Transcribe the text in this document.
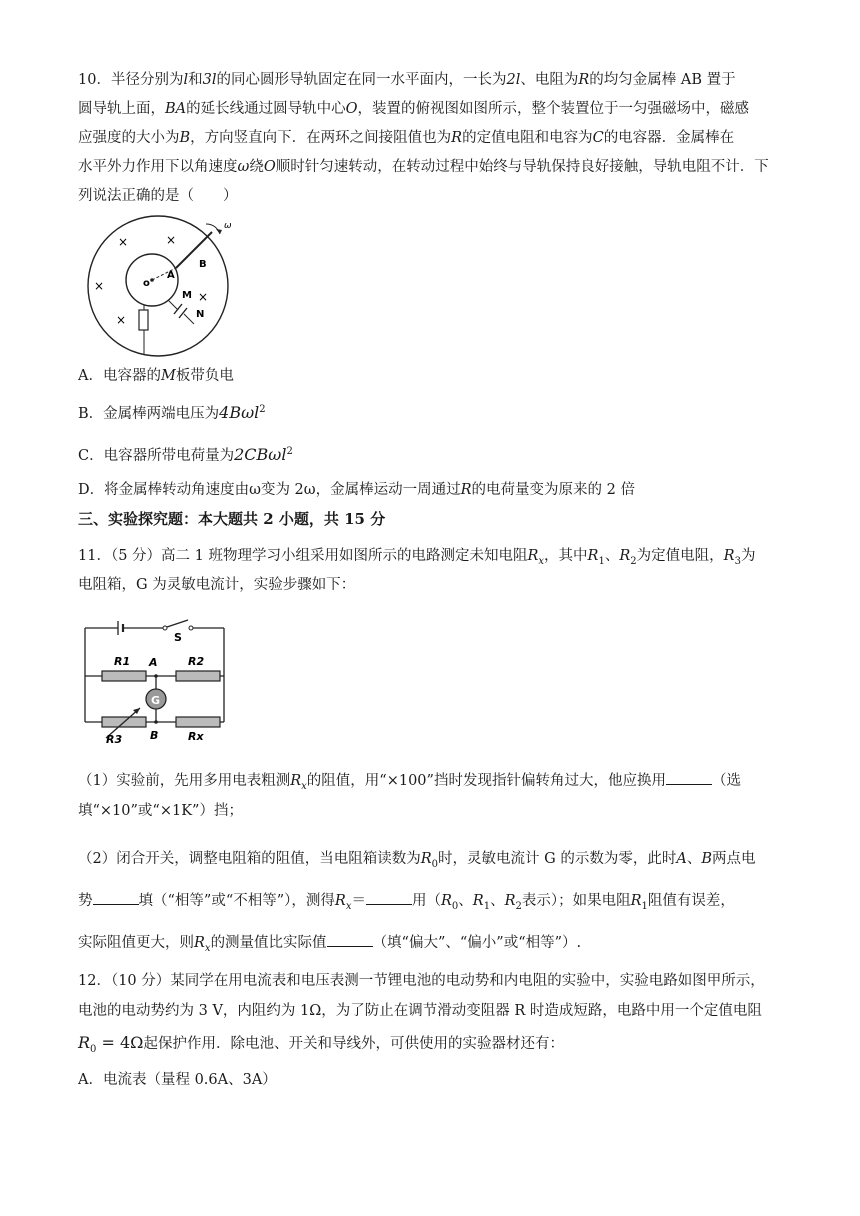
10．半径分别为l和3l的同心圆形导轨固定在同一水平面内，一长为2l、电阻为R的均匀金属棒 AB 置于
圆导轨上面，BA的延长线通过圆导轨中心O，装置的俯视图如图所示，整个装置位于一匀强磁场中，磁感
应强度的大小为B，方向竖直向下．在两环之间接阻值也为R的定值电阻和电容为C的电容器．金属棒在
水平外力作用下以角速度ω绕O顺时针匀速转动，在转动过程中始终与导轨保持良好接触，导轨电阻不计．下
列说法正确的是（　　）

ω
o
A
B
M
N
×	×
×
×
×

A．电容器的M板带负电

B．金属棒两端电压为4Bωl$^2$

C．电容器所带电荷量为2CBωl$^2$

D．将金属棒转动角速度由ω变为 2ω，金属棒运动一周通过R的电荷量变为原来的 2 倍

三、实验探究题：本大题共 2 小题，共 15 分

11．（5 分）高二 1 班物理学习小组采用如图所示的电路测定未知电阻$R_x$，其中$R_1$、$R_2$为定值电阻，$R_3$为
电阻箱，G 为灵敏电流计，实验步骤如下：

S
R1 A	R2
G
R3	B	Rx

（1）实验前，先用多用电表粗测$R_x$的阻值，用“×100”挡时发现指针偏转角过大，他应换用	（选
填“×10”或“×1K”）挡；

（2）闭合开关，调整电阻箱的阻值，当电阻箱读数为$R_0$时，灵敏电流计 G 的示数为零，此时A、B两点电
势	填（“相等”或“不相等”），测得$R_x=$	用（$R_0$、$R_1$、$R_2$表示）；如果电阻$R_1$阻值有误差，
实际阻值更大，则$R_x$的测量值比实际值	（填“偏大”、“偏小”或“相等”）.

12．（10 分）某同学在用电流表和电压表测一节锂电池的电动势和内电阻的实验中，实验电路如图甲所示，
电池的电动势约为 3 V，内阻约为 1Ω，为了防止在调节滑动变阻器 R 时造成短路，电路中用一个定值电阻

$R_0 = 4\Omega$起保护作用．除电池、开关和导线外，可供使用的实验器材还有：

A．电流表（量程 0.6A、3A）
